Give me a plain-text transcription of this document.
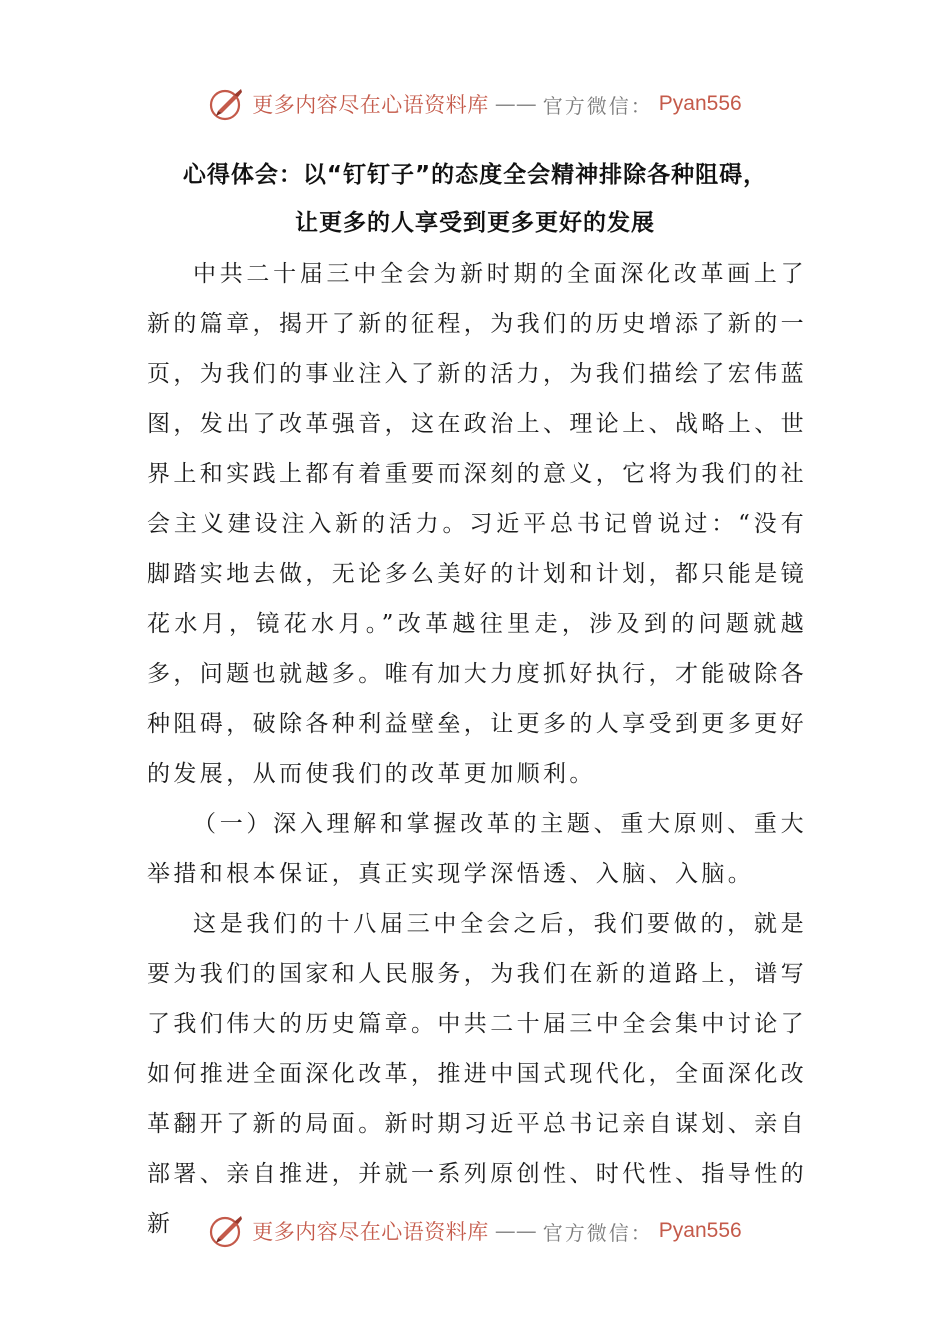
更多内容尽在心语资料库 —— 官方微信： Pyan556
心得体会：以“钉钉子”的态度全会精神排除各种阻碍，
让更多的人享受到更多更好的发展

中共二十届三中全会为新时期的全面深化改革画上了新的篇章，揭开了新的征程，为我们的历史增添了新的一页，为我们的事业注入了新的活力，为我们描绘了宏伟蓝图，发出了改革强音，这在政治上、理论上、战略上、世界上和实践上都有着重要而深刻的意义，它将为我们的社会主义建设注入新的活力。习近平总书记曾说过：“没有脚踏实地去做，无论多么美好的计划和计划，都只能是镜花水月，镜花水月。”改革越往里走，涉及到的问题就越多，问题也就越多。唯有加大力度抓好执行，才能破除各种阻碍，破除各种利益壁垒，让更多的人享受到更多更好的发展，从而使我们的改革更加顺利。

（一）深入理解和掌握改革的主题、重大原则、重大举措和根本保证，真正实现学深悟透、入脑、入脑。

这是我们的十八届三中全会之后，我们要做的，就是要为我们的国家和人民服务，为我们在新的道路上，谱写了我们伟大的历史篇章。中共二十届三中全会集中讨论了如何推进全面深化改革，推进中国式现代化，全面深化改革翻开了新的局面。新时期习近平总书记亲自谋划、亲自部署、亲自推进，并就一系列原创性、时代性、指导性的新	更多内容尽在心语资料库 —— 官方微信： Pyan556
